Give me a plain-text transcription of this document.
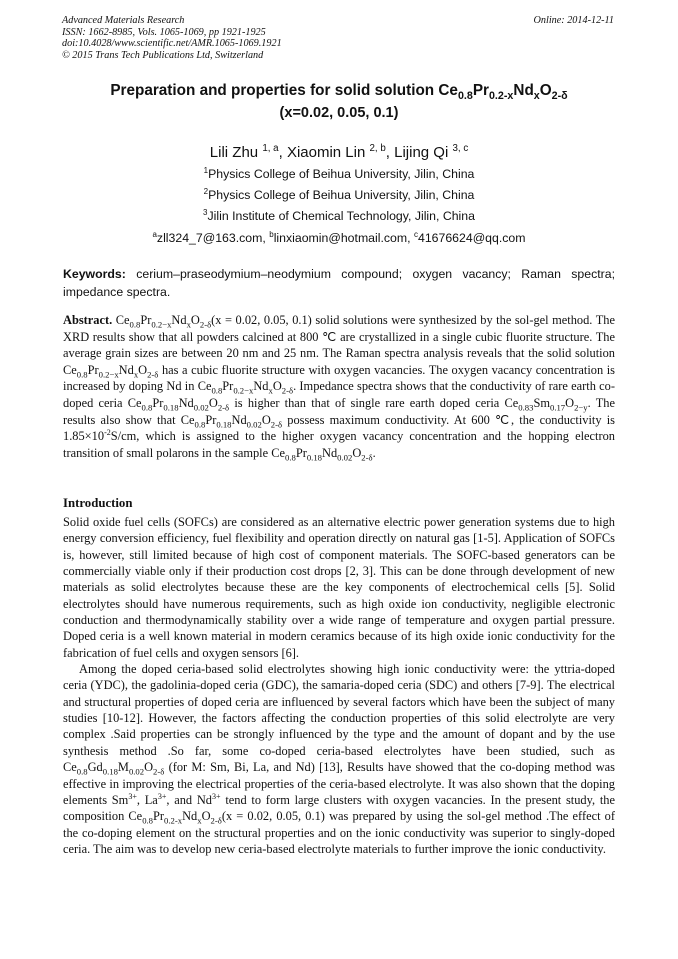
Advanced Materials Research
ISSN: 1662-8985, Vols. 1065-1069, pp 1921-1925
doi:10.4028/www.scientific.net/AMR.1065-1069.1921
© 2015 Trans Tech Publications Ltd, Switzerland
Online: 2014-12-11
Preparation and properties for solid solution $Ce_{0.8}Pr_{0.2-x}Nd_xO_{2-\delta}$
(x=0.02, 0.05, 0.1)
Lili Zhu $^{1, a}$, Xiaomin Lin $^{2, b}$, Lijing Qi $^{3, c}$
$^1$Physics College of Beihua University, Jilin, China
$^2$Physics College of Beihua University, Jilin, China
$^3$Jilin Institute of Chemical Technology, Jilin, China
$^a$zll324_7@163.com, $^b$linxiaomin@hotmail.com, $^c$41676624@qq.com
Keywords: cerium–praseodymium–neodymium compound; oxygen vacancy; Raman spectra; impedance spectra.
Abstract. $Ce_{0.8}Pr_{0.2-x}Nd_xO_{2-\delta}(x = 0.02$, 0.05, 0.1) solid solutions were synthesized by the sol-gel method. The XRD results show that all powders calcined at 800 ℃ are crystallized in a single cubic fluorite structure. The average grain sizes are between 20 nm and 25 nm. The Raman spectra analysis reveals that the solid solution $Ce_{0.8}Pr_{0.2-x}Nd_xO_{2-\delta}$ has a cubic fluorite structure with oxygen vacancies. The oxygen vacancy concentration is increased by doping Nd in $Ce_{0.8}Pr_{0.2-x}Nd_xO_{2-\delta}$. Impedance spectra shows that the conductivity of rare earth co-doped ceria $Ce_{0.8}Pr_{0.18}Nd_{0.02}O_{2-\delta}$ is higher than that of single rare earth doped ceria $Ce_{0.83}Sm_{0.17}O_{2-y}$. The results also show that $Ce_{0.8}Pr_{0.18}Nd_{0.02}O_{2-\delta}$ possess maximum conductivity. At 600 ℃, the conductivity is $1.85\times 10^{-2}S/cm$, which is assigned to the higher oxygen vacancy concentration and the hopping electron transition of small polarons in the sample $Ce_{0.8}Pr_{0.18}Nd_{0.02}O_{2-\delta}$.
Introduction

Solid oxide fuel cells (SOFCs) are considered as an alternative electric power generation systems due to high energy conversion efficiency, fuel flexibility and operation directly on natural gas [1-5]. Application of SOFCs is, however, still limited because of high cost of component materials. The SOFC-based generators can be commercially viable only if their production cost drops [2, 3]. This can be done through development of new materials as solid electrolytes because these are the key components of electrochemical cells [5]. Solid electrolytes should have numerous requirements, such as high oxide ion conductivity, negligible electronic conduction and thermodynamically stability over a wide range of temperature and oxygen partial pressure. Doped ceria is a well known material in modern ceramics because of its high oxide ionic conductivity for the fabrication of fuel cells and oxygen sensors [6].

Among the doped ceria-based solid electrolytes showing high ionic conductivity were: the yttria-doped ceria (YDC), the gadolinia-doped ceria (GDC), the samaria-doped ceria (SDC) and others [7-9]. The electrical and structural properties of doped ceria are influenced by several factors which have been the subject of many studies [10-12]. However, the factors affecting the conduction properties of this solid electrolyte are very complex .Said properties can be strongly influenced by the type and the amount of dopant and by the use synthesis method .So far, some co-doped ceria-based electrolytes have been studied, such as $Ce_{0.8}Gd_{0.18}M_{0.02}O_{2-\delta}$ (for M: Sm, Bi, La, and Nd) [13], Results have showed that the co-doping method was effective in improving the electrical properties of the ceria-based electrolyte. It was also shown that the doping elements $Sm^{3+}$, $La^{3+}$, and $Nd^{3+}$ tend to form large clusters with oxygen vacancies. In the present study, the composition $Ce_{0.8}Pr_{0.2-x}Nd_xO_{2-\delta}(x = 0.02$, 0.05, 0.1) was prepared by using the sol-gel method .The effect of the co-doping element on the structural properties and on the ionic conductivity was superior to singly-doped ceria. The aim was to develop new ceria-based electrolyte materials to further improve the ionic conductivity.
